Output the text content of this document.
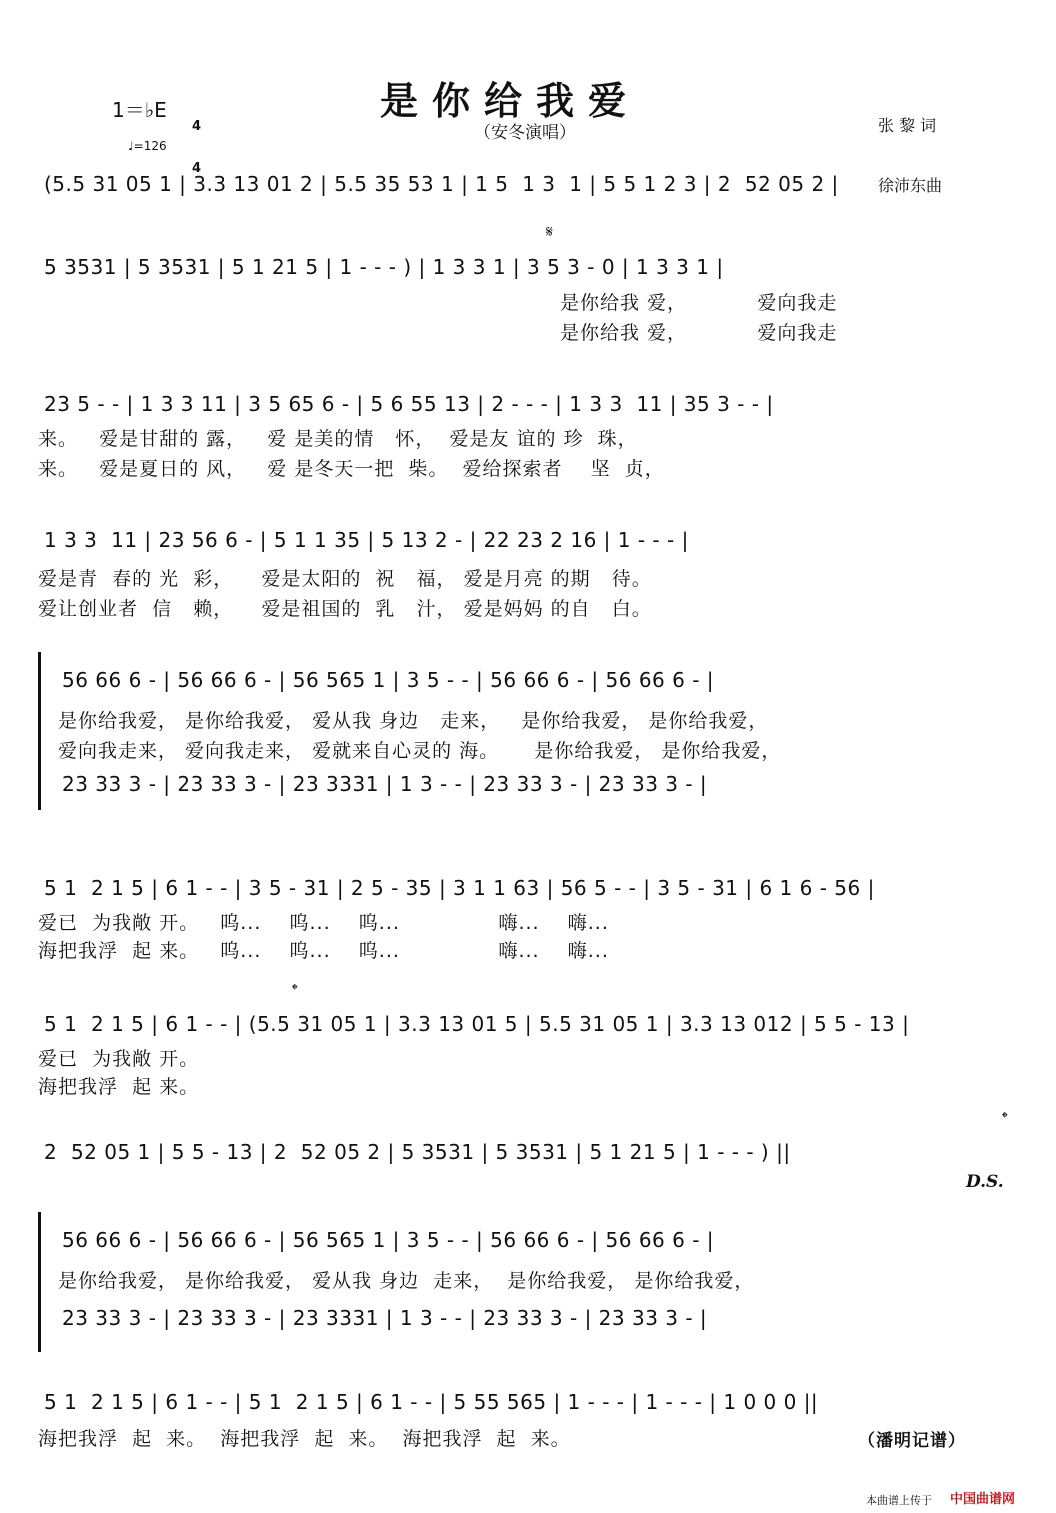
是你给我爱
（安冬演唱）

	张 黎 词

徐沛东曲

1＝♭E

4

4

♩=126
(5.5 31 05 1 | 3.3 13 01 2 | 5.5 35 53 1 | 1 5  1 3  1 | 5 5 1 2 3 | 2  52 05 2 |
𝄋
5 3531 | 5 3531 | 5 1 21 5 | 1 - - - ) | 1 3 3 1 | 3 5 3 - 0 | 1 3 3 1 |
是你给我 爱，          爱向我走
是你给我 爱，          爱向我走
23 5 - - | 1 3 3 11 | 3 5 65 6 - | 5 6 55 13 | 2 - - - | 1 3 3  11 | 35 3 - - |
来。   爱是甘甜的 露，   爱 是美的情   怀，  爱是友 谊的 珍  珠，
来。   爱是夏日的 风，   爱 是冬天一把  柴。  爱给探索者    坚  贞，
1 3 3  11 | 23 56 6 - | 5 1 1 35 | 5 13 2 - | 22 23 2 16 | 1 - - - |
爱是青  春的 光  彩，    爱是太阳的  祝   福， 爱是月亮 的期   待。
爱让创业者  信   赖，    爱是祖国的  乳   汁， 爱是妈妈 的自   白。
56 66 6 - | 56 66 6 - | 56 565 1 | 3 5 - - | 56 66 6 - | 56 66 6 - |
是你给我爱， 是你给我爱， 爱从我 身边   走来，   是你给我爱， 是你给我爱，
爱向我走来， 爱向我走来， 爱就来自心灵的 海。     是你给我爱， 是你给我爱，
23 33 3 - | 23 33 3 - | 23 3331 | 1 3 - - | 23 33 3 - | 23 33 3 - |
5 1  2 1 5 | 6 1 - - | 3 5 - 31 | 2 5 - 35 | 3 1 1 63 | 56 5 - - | 3 5 - 31 | 6 1 6 - 56 |
爱已  为我敞 开。   呜...    呜...    呜...              嗨...    嗨...
海把我浮  起 来。   呜...    呜...    呜...              嗨...    嗨...
𝄌
5 1  2 1 5 | 6 1 - - | (5.5 31 05 1 | 3.3 13 01 5 | 5.5 31 05 1 | 3.3 13 012 | 5 5 - 13 |
爱已  为我敞 开。
海把我浮  起 来。
𝄌
2  52 05 1 | 5 5 - 13 | 2  52 05 2 | 5 3531 | 5 3531 | 5 1 21 5 | 1 - - - ) ||
D.S.
56 66 6 - | 56 66 6 - | 56 565 1 | 3 5 - - | 56 66 6 - | 56 66 6 - |
是你给我爱， 是你给我爱， 爱从我 身边  走来，  是你给我爱， 是你给我爱，
23 33 3 - | 23 33 3 - | 23 3331 | 1 3 - - | 23 33 3 - | 23 33 3 - |
5 1  2 1 5 | 6 1 - - | 5 1  2 1 5 | 6 1 - - | 5 55 565 | 1 - - - | 1 - - - | 1 0 0 0 ||
海把我浮  起  来。  海把我浮  起  来。  海把我浮  起  来。	（潘明记谱）
本曲谱上传于 中国曲谱网
